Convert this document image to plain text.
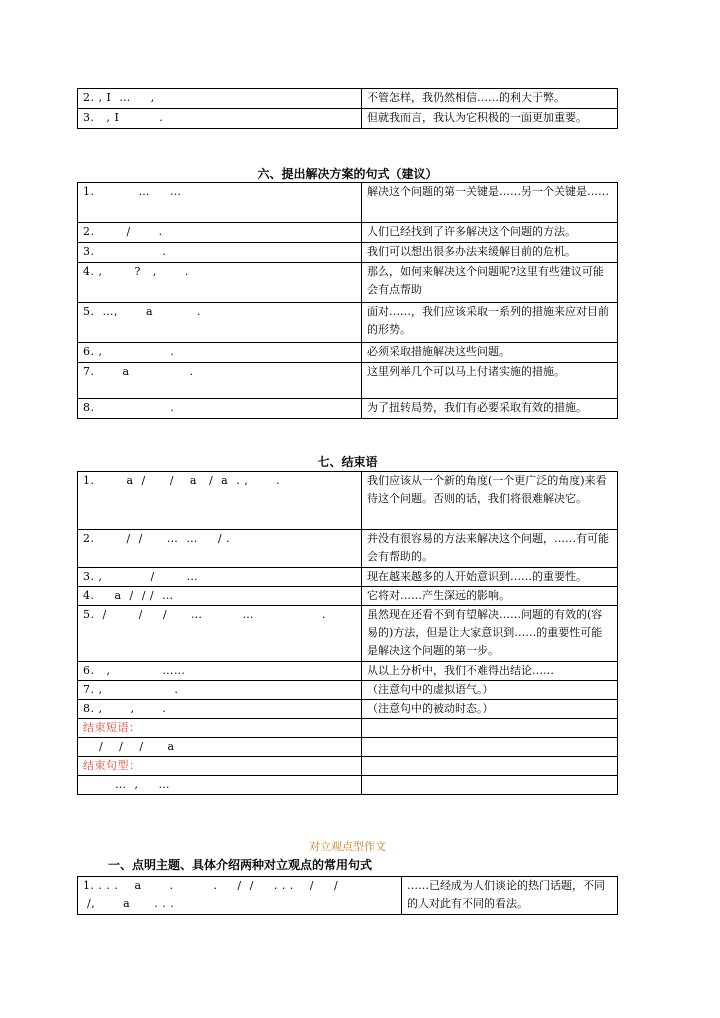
2. , I  …     ,	不管怎样，我仍然相信……的利大于弊。
3.   , I          .	但就我而言，我认为它积极的一面更加重要。
六、提出解决方案的句式（建议）
1.           …     …	解决这个问题的第一关键是……另一个关键是……
2.        /       .	人们已经找到了许多解决这个问题的方法。
3.                 .	我们可以想出很多办法来缓解目前的危机。
4. ,        ?   ,       .	那么，如何来解决这个问题呢?这里有些建议可能会有点帮助
5.  …,       a           .	面对……，我们应该采取一系列的措施来应对目前的形势。
6. ,                 .	必须采取措施解决这些问题。
7.       a               .	这里列举几个可以马上付诸实施的措施。
8.                   .	为了扭转局势，我们有必要采取有效的措施。
七、结束语
1.        a  /      /    a   /  a  . ,       .	我们应该从一个新的角度(一个更广泛的角度)来看待这个问题。否则的话，我们将很难解决它。
2.        /  /      …  …     / .	并没有很容易的方法来解决这个问题，……有可能会有帮助的。
3. ,            /        …	现在越来越多的人开始意识到……的重要性。
4.     a  /  / /  …	它将对……产生深远的影响。
5.  /        /     /      …          …                 .	虽然现在还看不到有望解决……问题的有效的(容易的)方法，但是让大家意识到……的重要性可能是解决这个问题的第一步。
6.   ,             ……	从以上分析中，我们不难得出结论……
7. ,                  .	（注意句中的虚拟语气。）
8. ,       ,       .	（注意句中的被动时态。）
结束短语：	
/    /    /      a	
结束句型：	
…  ,     …	
对立观点型作文
一、点明主题、具体介绍两种对立观点的常用句式
1. . . .    a       .          .     /  /     . . .    /     /
/,       a      . . .	……已经成为人们谈论的热门话题，不同的人对此有不同的看法。
